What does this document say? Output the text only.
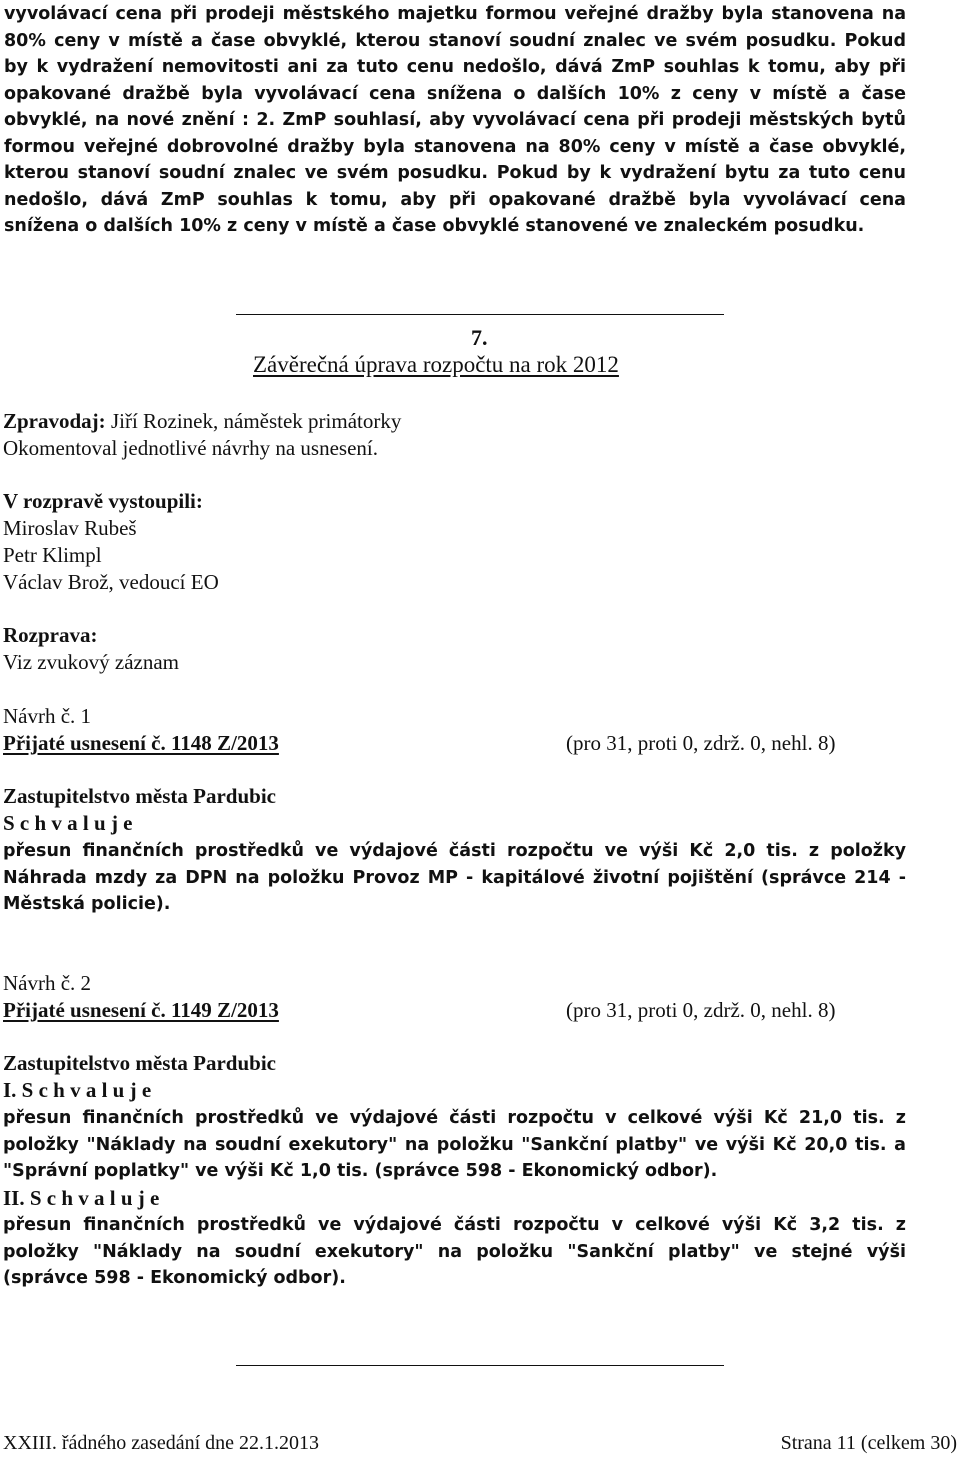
vyvolávací cena při prodeji městského majetku formou veřejné dražby byla stanovena na 80% ceny v místě a čase obvyklé, kterou stanoví soudní znalec ve svém posudku. Pokud by k vydražení nemovitosti ani za tuto cenu nedošlo, dává ZmP souhlas k tomu, aby při opakované dražbě byla vyvolávací cena snížena o dalších 10% z ceny v místě a čase obvyklé, na nové znění : 2. ZmP souhlasí, aby vyvolávací cena při prodeji městských bytů formou veřejné dobrovolné dražby byla stanovena na 80% ceny v místě a čase obvyklé, kterou stanoví soudní znalec ve svém posudku. Pokud by k vydražení bytu za tuto cenu nedošlo, dává ZmP souhlas k tomu, aby při opakované dražbě byla vyvolávací cena snížena o dalších 10% z ceny v místě a čase obvyklé stanovené ve znaleckém posudku.
7.
Závěrečná úprava rozpočtu na rok 2012
Zpravodaj: Jiří Rozinek, náměstek primátorky
Okomentoval jednotlivé návrhy na usnesení.
V rozpravě vystoupili:
Miroslav Rubeš
Petr Klimpl
Václav Brož, vedoucí EO
Rozprava:
Viz zvukový záznam
Návrh č. 1
Přijaté usnesení č. 1148 Z/2013	(pro 31, proti 0, zdrž. 0, nehl. 8)
Zastupitelstvo města Pardubic
S c h v a l u j e
přesun finančních prostředků ve výdajové části rozpočtu ve výši Kč 2,0 tis. z položky Náhrada mzdy za DPN na položku Provoz MP - kapitálové životní pojištění (správce 214 - Městská policie).
Návrh č. 2
Přijaté usnesení č. 1149 Z/2013	(pro 31, proti 0, zdrž. 0, nehl. 8)
Zastupitelstvo města Pardubic
I. S c h v a l u j e
přesun finančních prostředků ve výdajové části rozpočtu v celkové výši Kč 21,0 tis. z položky "Náklady na soudní exekutory" na položku "Sankční platby" ve výši Kč 20,0 tis. a "Správní poplatky" ve výši Kč 1,0 tis. (správce 598 - Ekonomický odbor).
II. S c h v a l u j e
přesun finančních prostředků ve výdajové části rozpočtu v celkové výši Kč 3,2 tis. z položky "Náklady na soudní exekutory" na položku "Sankční platby" ve stejné výši (správce 598 - Ekonomický odbor).
XXIII. řádného zasedání dne 22.1.2013	Strana 11 (celkem 30)
